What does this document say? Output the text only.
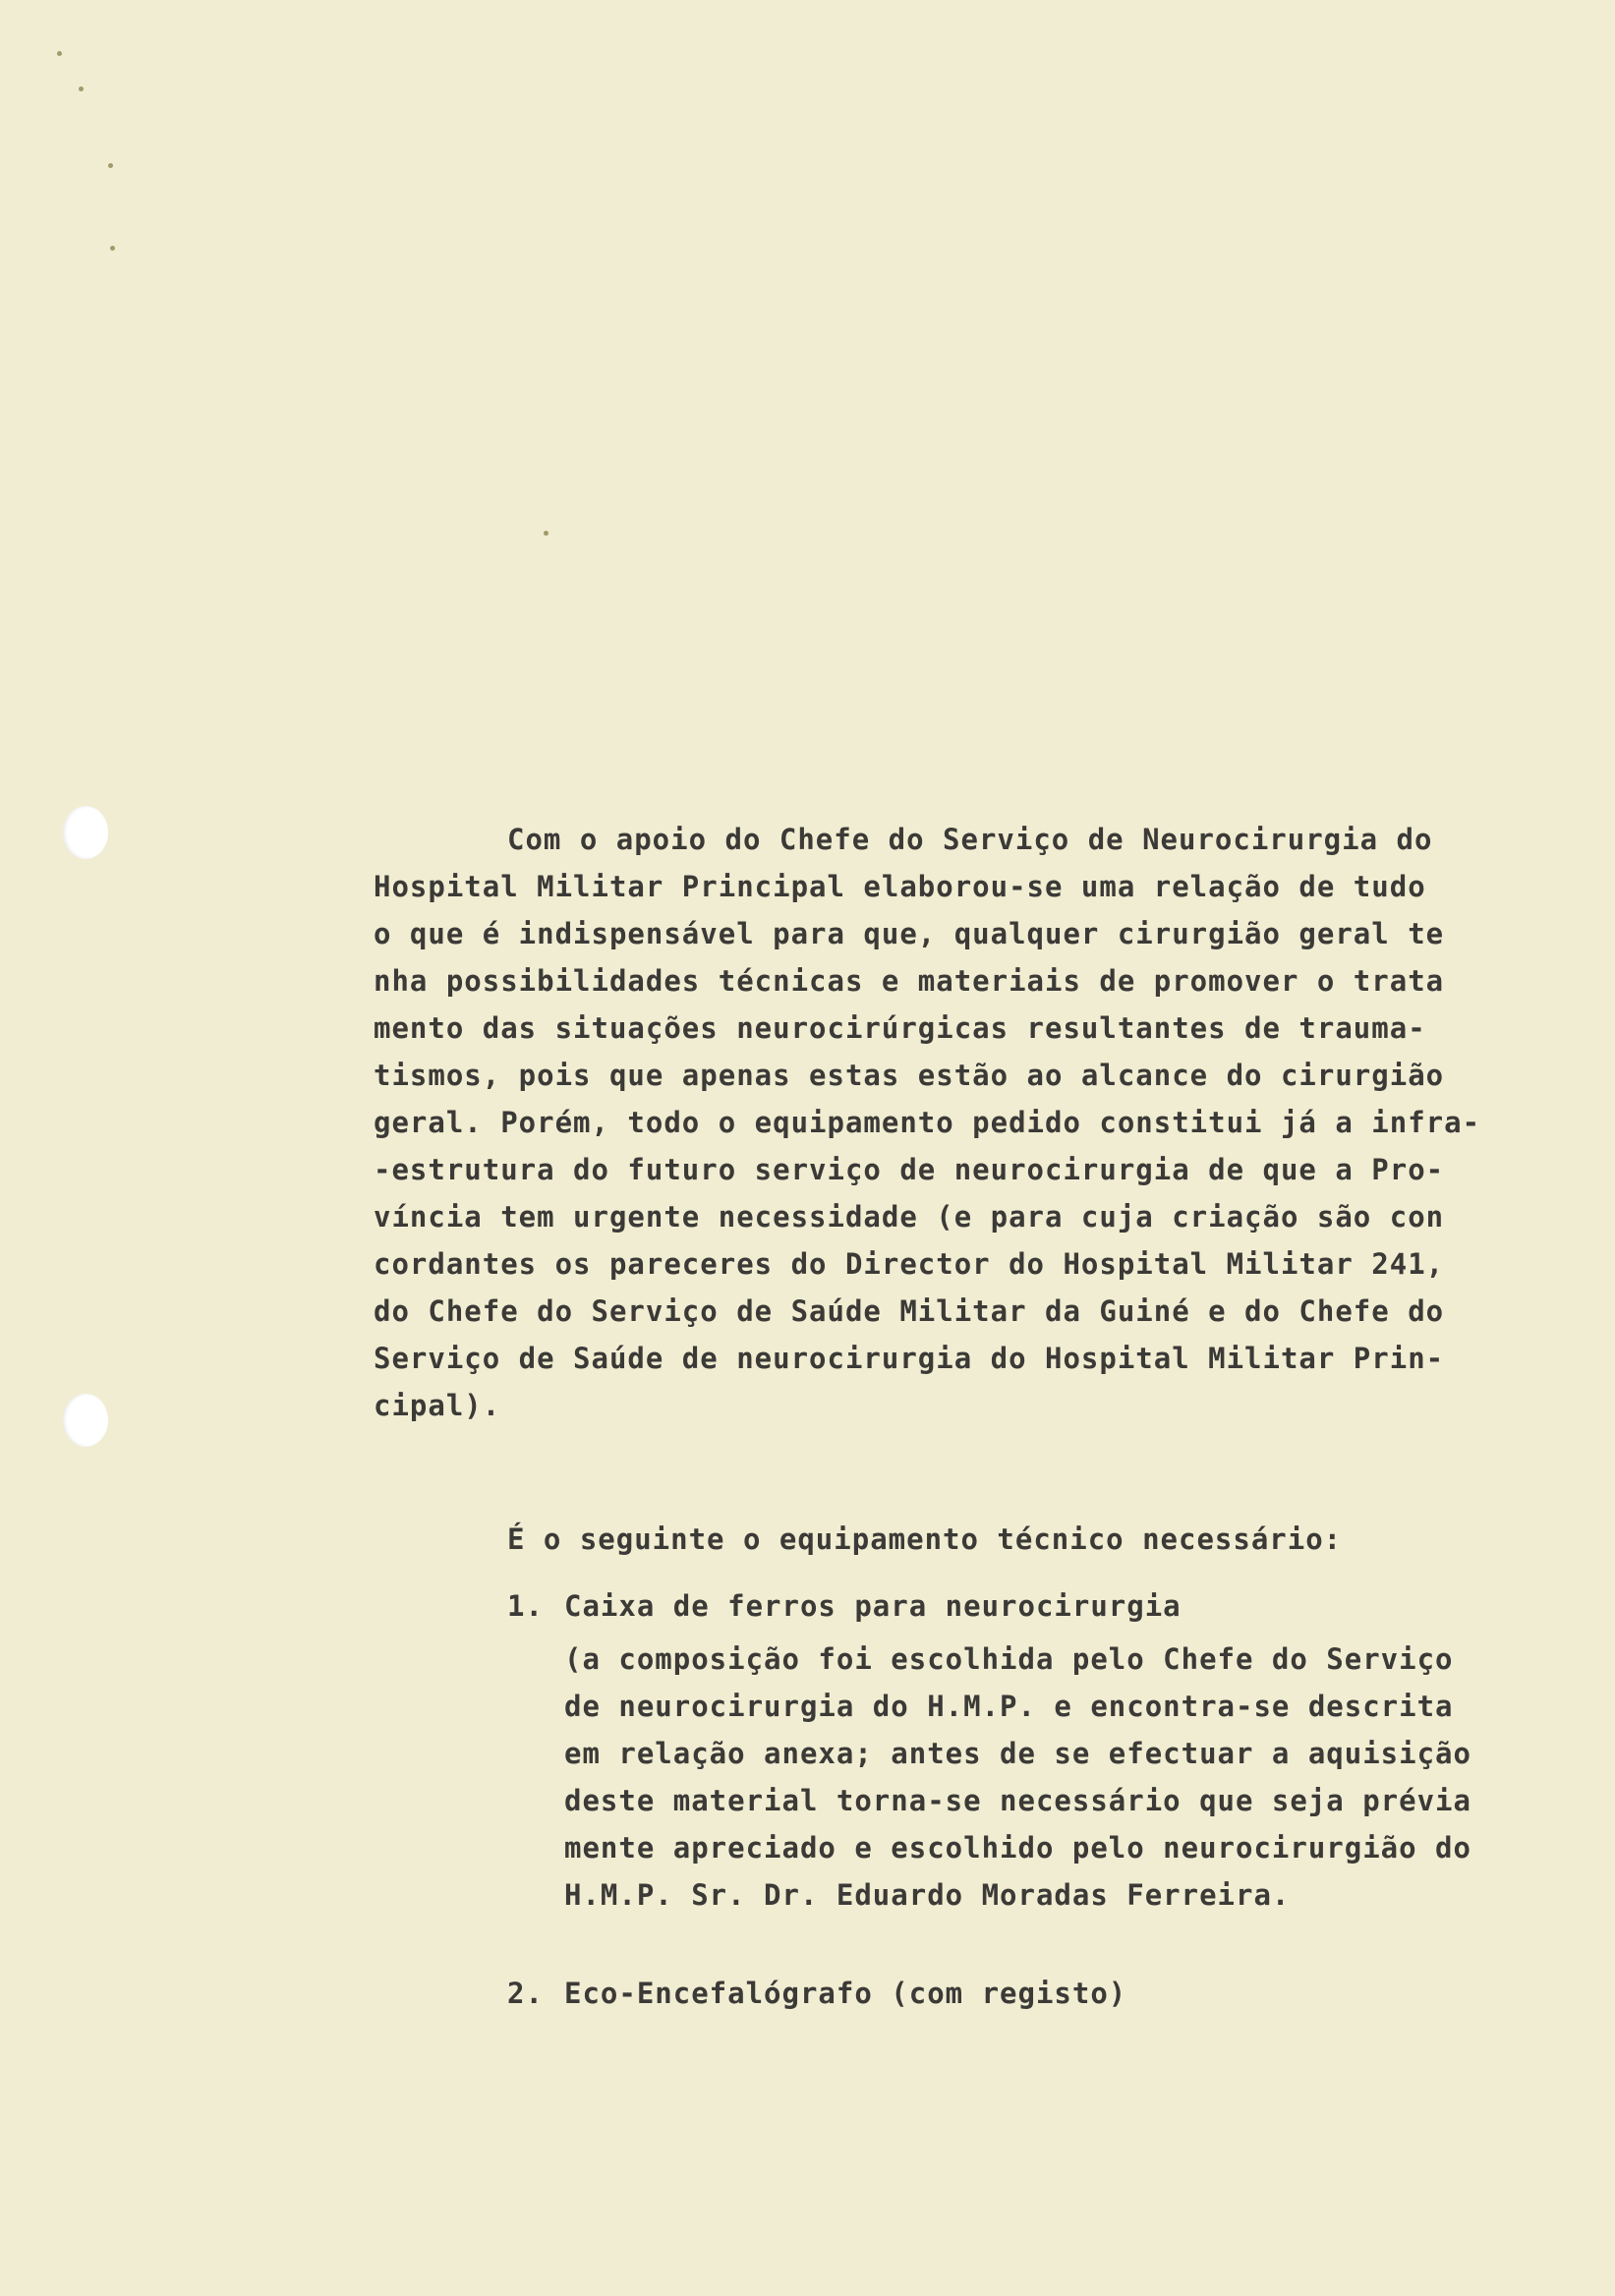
Com o apoio do Chefe do Serviço de Neurocirurgia do

Hospital Militar Principal elaborou-se uma relação de tudo

o que é indispensável para que, qualquer cirurgião geral te

nha possibilidades técnicas e materiais de promover o trata

mento das situações neurocirúrgicas resultantes de trauma-

tismos, pois que apenas estas estão ao alcance do cirurgião

geral. Porém, todo o equipamento pedido constitui já a infra-

-estrutura do futuro serviço de neurocirurgia de que a Pro-

víncia tem urgente necessidade (e para cuja criação são con

cordantes os pareceres do Director do Hospital Militar 241,

do Chefe do Serviço de Saúde Militar da Guiné e do Chefe do

Serviço de Saúde de neurocirurgia do Hospital Militar Prin-

cipal).

É o seguinte o equipamento técnico necessário:
1. Caixa de ferros para neurocirurgia

(a composição foi escolhida pelo Chefe do Serviço

de neurocirurgia do H.M.P. e encontra-se descrita

em relação anexa; antes de se efectuar a aquisição

deste material torna-se necessário que seja prévia

mente apreciado e escolhido pelo neurocirurgião do

H.M.P. Sr. Dr. Eduardo Moradas Ferreira.

2. Eco-Encefalógrafo (com registo)
